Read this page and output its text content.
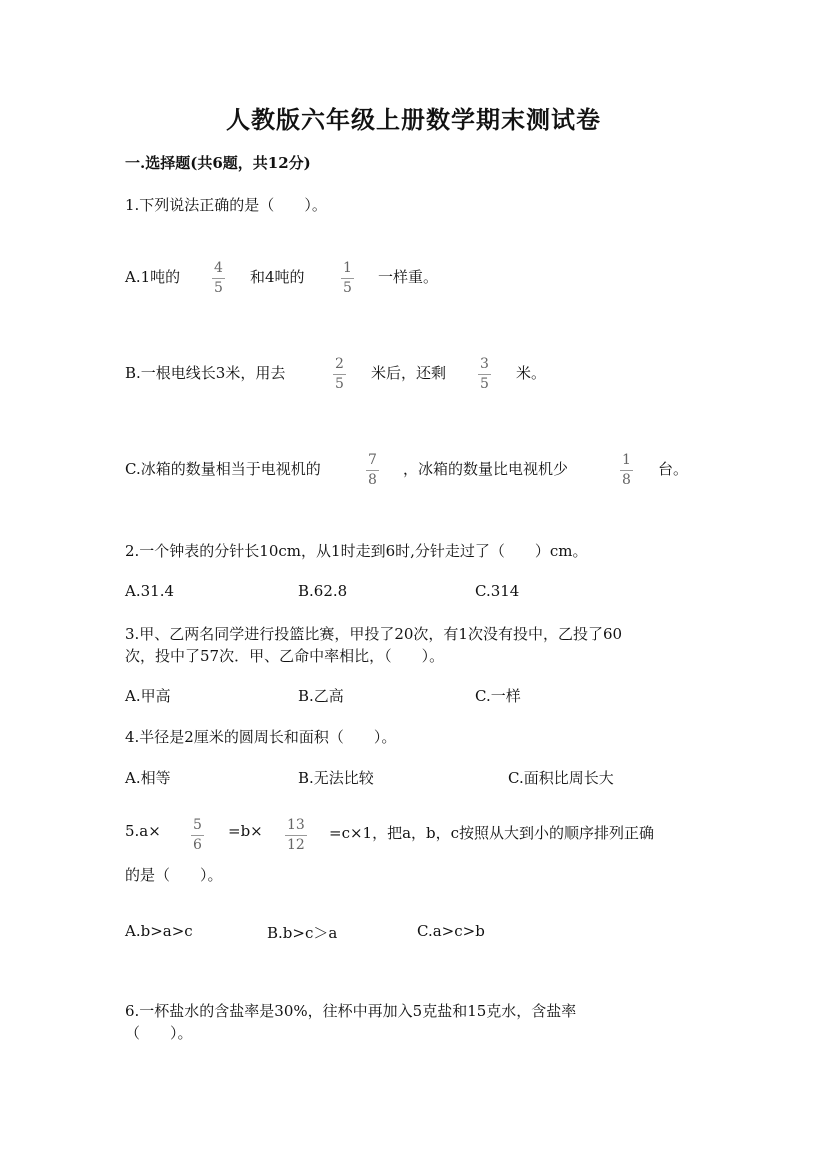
人教版六年级上册数学期末测试卷
一.选择题(共6题，共12分)
1.下列说法正确的是（　　）。
A.1吨的 4
5
和4吨的	1
5
一样重。
B.一根电线长3米，用去	2
5
米后，还剩 3
5
米。
C.冰箱的数量相当于电视机的	7
8
，冰箱的数量比电视机少	1
8
台。
2.一个钟表的分针长10cm，从1时走到6时,分针走过了（　　）cm。
A.31.4	B.62.8	C.314
3.甲、乙两名同学进行投篮比赛，甲投了20次，有1次没有投中，乙投了60
次，投中了57次．甲、乙命中率相比，（　　）。
A.甲高	B.乙高	C.一样
4.半径是2厘米的圆周长和面积（　　）。
A.相等	B.无法比较	C.面积比周长大
5.a× 5
6
=b× 13
12
=c×1，把a，b，c按照从大到小的顺序排列正确
的是（　　）。
A.b>a>c	B.b>c＞a	C.a>c>b
6.一杯盐水的含盐率是30%，往杯中再加入5克盐和15克水，含盐率
（　　）。
